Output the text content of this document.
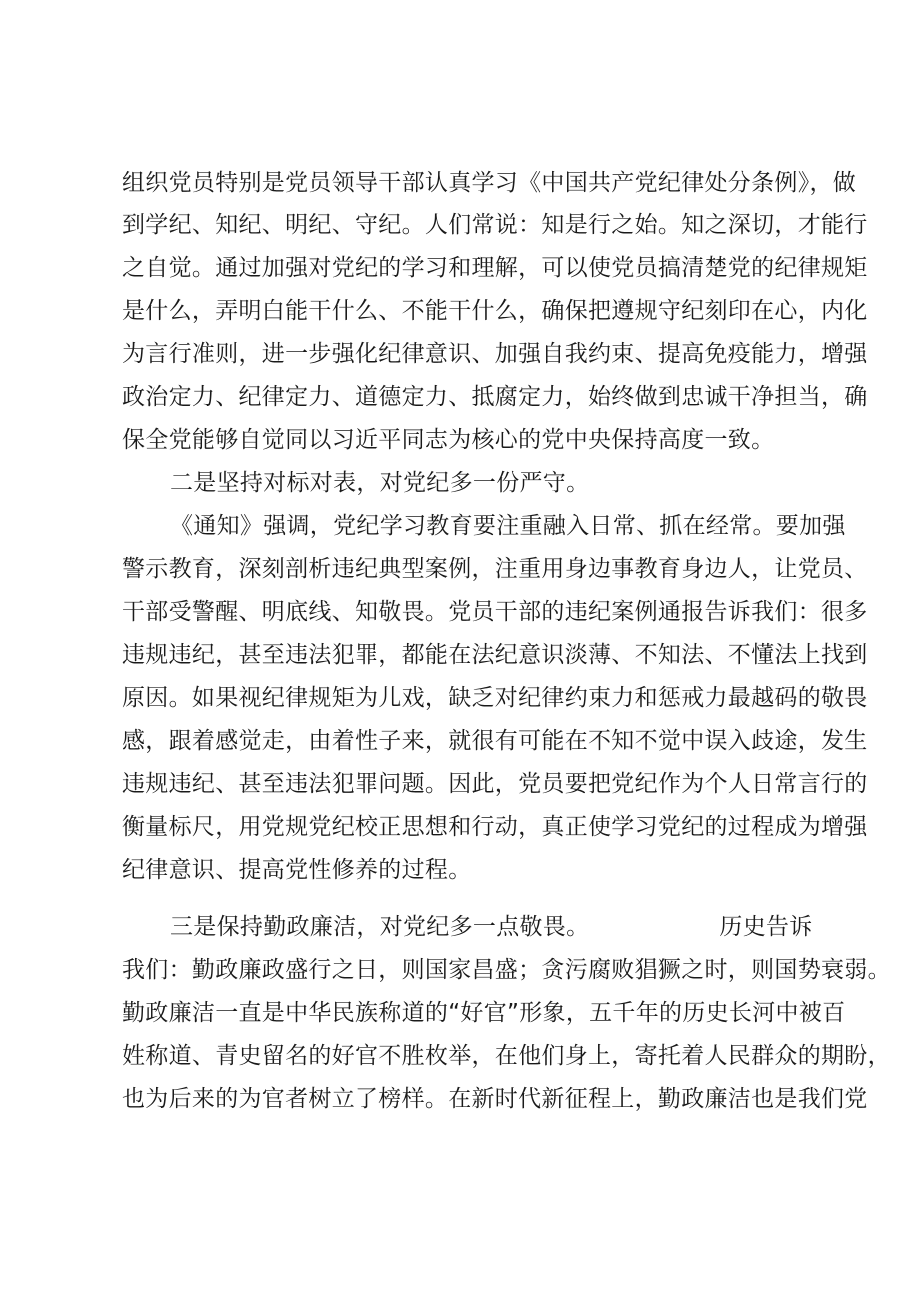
组织党员特别是党员领导干部认真学习《中国共产党纪律处分条例》，做

到学纪、知纪、明纪、守纪。人们常说：知是行之始。知之深切，才能行

之自觉。通过加强对党纪的学习和理解，可以使党员搞清楚党的纪律规矩

是什么，弄明白能干什么、不能干什么，确保把遵规守纪刻印在心，内化

为言行准则，进一步强化纪律意识、加强自我约束、提高免疫能力，增强

政治定力、纪律定力、道德定力、抵腐定力，始终做到忠诚干净担当，确

保全党能够自觉同以习近平同志为核心的党中央保持高度一致。

二是坚持对标对表，对党纪多一份严守。

《通知》强调，党纪学习教育要注重融入日常、抓在经常。要加强

警示教育，深刻剖析违纪典型案例，注重用身边事教育身边人，让党员、

干部受警醒、明底线、知敬畏。党员干部的违纪案例通报告诉我们：很多

违规违纪，甚至违法犯罪，都能在法纪意识淡薄、不知法、不懂法上找到

原因。如果视纪律规矩为儿戏，缺乏对纪律约束力和惩戒力最越码的敬畏

感，跟着感觉走，由着性子来，就很有可能在不知不觉中误入歧途，发生

违规违纪、甚至违法犯罪问题。因此，党员要把党纪作为个人日常言行的

衡量标尺，用党规党纪校正思想和行动，真正使学习党纪的过程成为增强

纪律意识、提高党性修养的过程。

三是保持勤政廉洁，对党纪多一点敬畏。	历史告诉

我们：勤政廉政盛行之日，则国家昌盛；贪污腐败猖獗之时，则国势衰弱。

勤政廉洁一直是中华民族称道的“好官”形象，五千年的历史长河中被百

姓称道、青史留名的好官不胜枚举，在他们身上，寄托着人民群众的期盼，

也为后来的为官者树立了榜样。在新时代新征程上，勤政廉洁也是我们党
